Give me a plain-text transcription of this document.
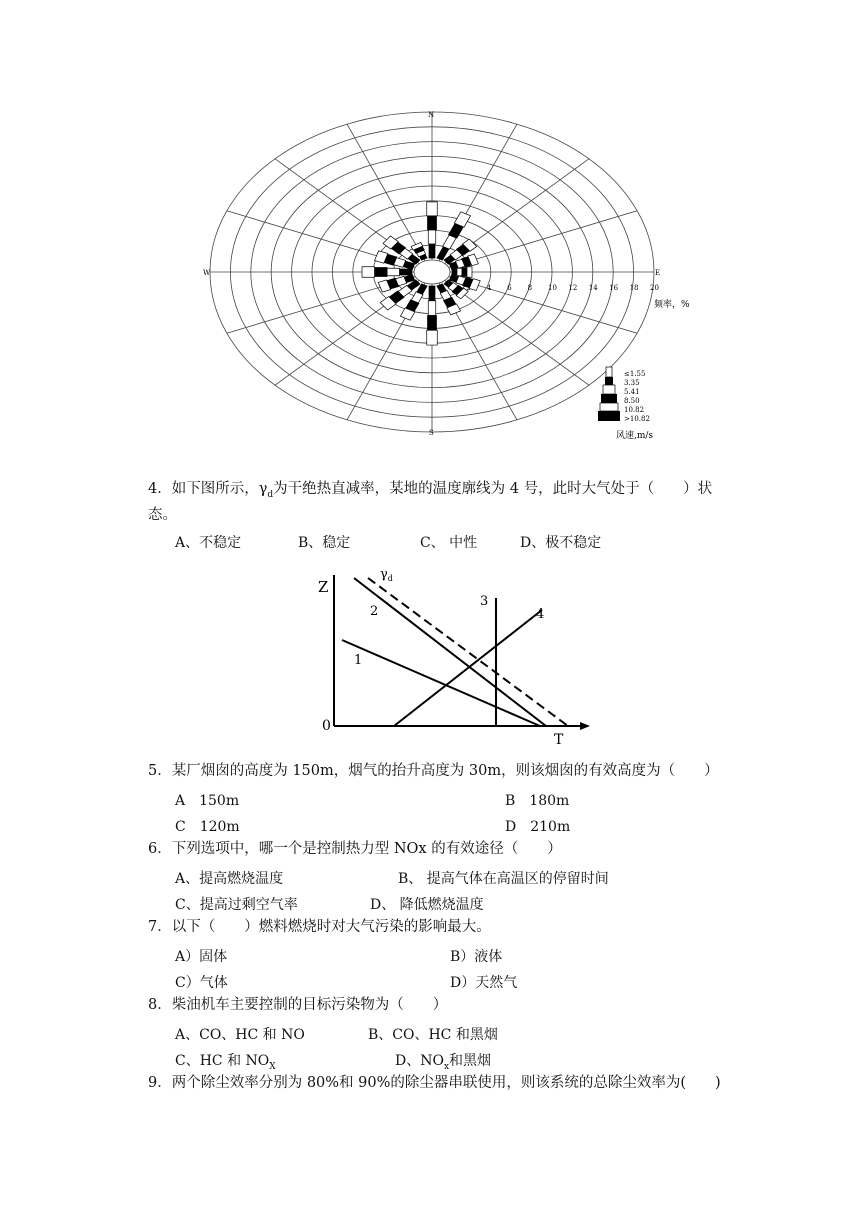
N
S
E
W
2 4 6 8 10 12 14 16 18 20
频率，%
≤1.55
3.35
5.41
8.50
10.82
>10.82
风速,m/s
4．如下图所示，$\gamma_d$为干绝热直减率，某地的温度廓线为 4 号，此时大气处于（　　）状
态。
A、不稳定	B、稳定	C、 中性	D、极不稳定
Z
T
0
1
2
3
4
$\gamma_d$
5．某厂烟囱的高度为 150m，烟气的抬升高度为 30m，则该烟囱的有效高度为（　　）
A　150m	B　180m
C　120m	D　210m
6．下列选项中，哪一个是控制热力型 NOx 的有效途径（　　）
A、提高燃烧温度	B、 提高气体在高温区的停留时间
C、提高过剩空气率	D、 降低燃烧温度
7．以下（　　）燃料燃烧时对大气污染的影响最大。
A）固体	B）液体
C）气体	D）天然气
8．柴油机车主要控制的目标污染物为（　　）
A、CO、HC 和 NO	B、CO、HC 和黑烟
C、HC 和 $NO_X$	D、$NO_x$和黑烟
9．两个除尘效率分别为 80%和 90%的除尘器串联使用，则该系统的总除尘效率为(　　)
